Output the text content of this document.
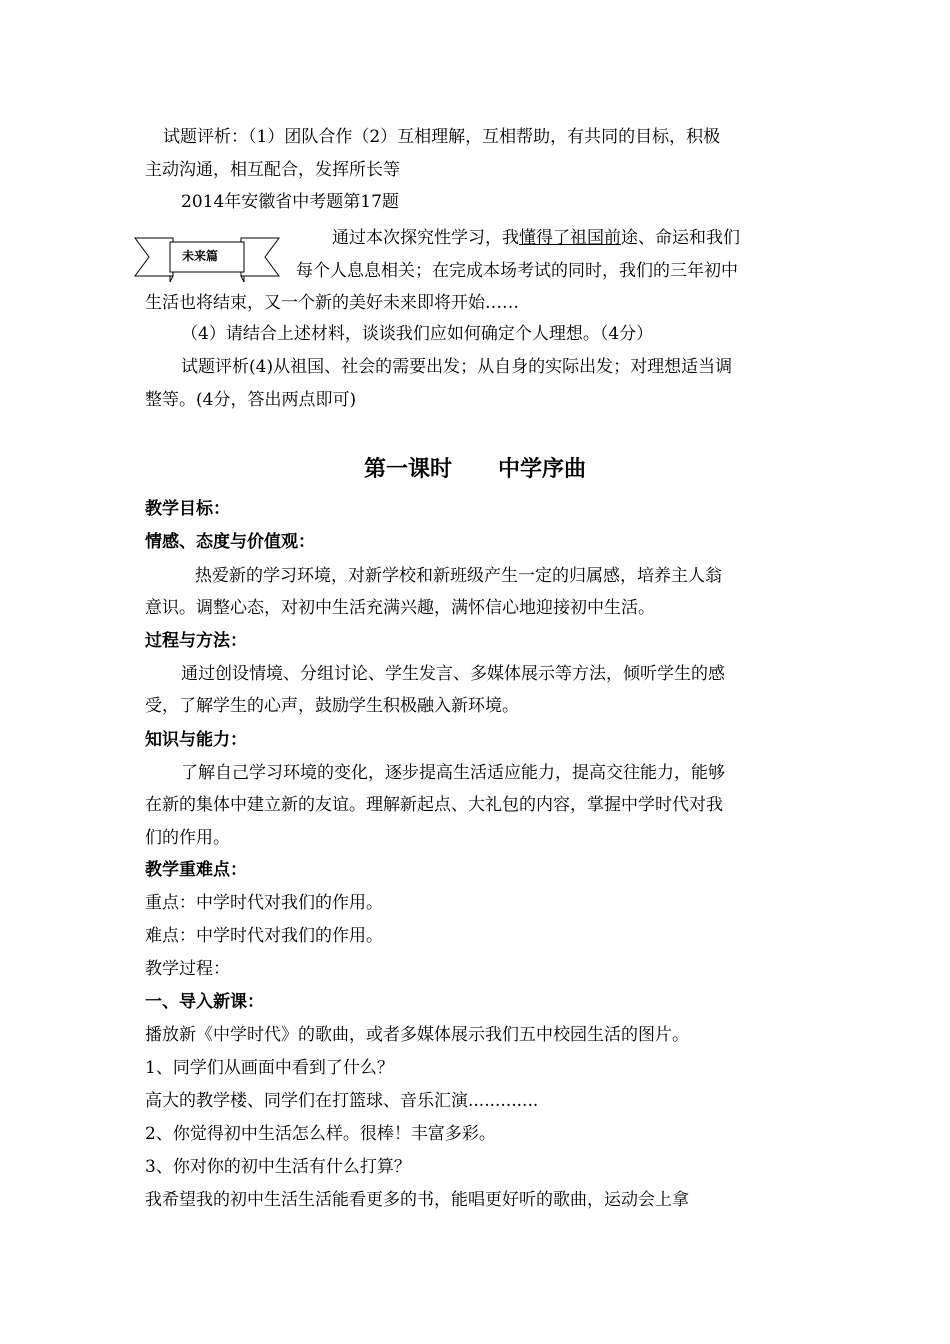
试题评析：（1）团队合作（2）互相理解，互相帮助，有共同的目标，积极
主动沟通，相互配合，发挥所长等
2014年安徽省中考题第17题
未来篇
通过本次探究性学习，我懂得了祖国前途、命运和我们
每个人息息相关；在完成本场考试的同时，我们的三年初中
生活也将结束，又一个新的美好未来即将开始……
（4）请结合上述材料，谈谈我们应如何确定个人理想。（4分）
试题评析(4)从祖国、社会的需要出发；从自身的实际出发；对理想适当调
整等。(4分，答出两点即可)
第一课时      中学序曲
教学目标：
情感、态度与价值观：
热爱新的学习环境，对新学校和新班级产生一定的归属感，培养主人翁
意识。调整心态，对初中生活充满兴趣，满怀信心地迎接初中生活。
过程与方法：
通过创设情境、分组讨论、学生发言、多媒体展示等方法，倾听学生的感
受，了解学生的心声，鼓励学生积极融入新环境。
知识与能力：
了解自己学习环境的变化，逐步提高生活适应能力，提高交往能力，能够
在新的集体中建立新的友谊。理解新起点、大礼包的内容，掌握中学时代对我
们的作用。
教学重难点：
重点：中学时代对我们的作用。
难点：中学时代对我们的作用。
教学过程：
一、导入新课：
播放新《中学时代》的歌曲，或者多媒体展示我们五中校园生活的图片。
1、同学们从画面中看到了什么？
高大的教学楼、同学们在打篮球、音乐汇演.............
2、你觉得初中生活怎么样。很棒！丰富多彩。
3、你对你的初中生活有什么打算？
我希望我的初中生活生活能看更多的书，能唱更好听的歌曲，运动会上拿
